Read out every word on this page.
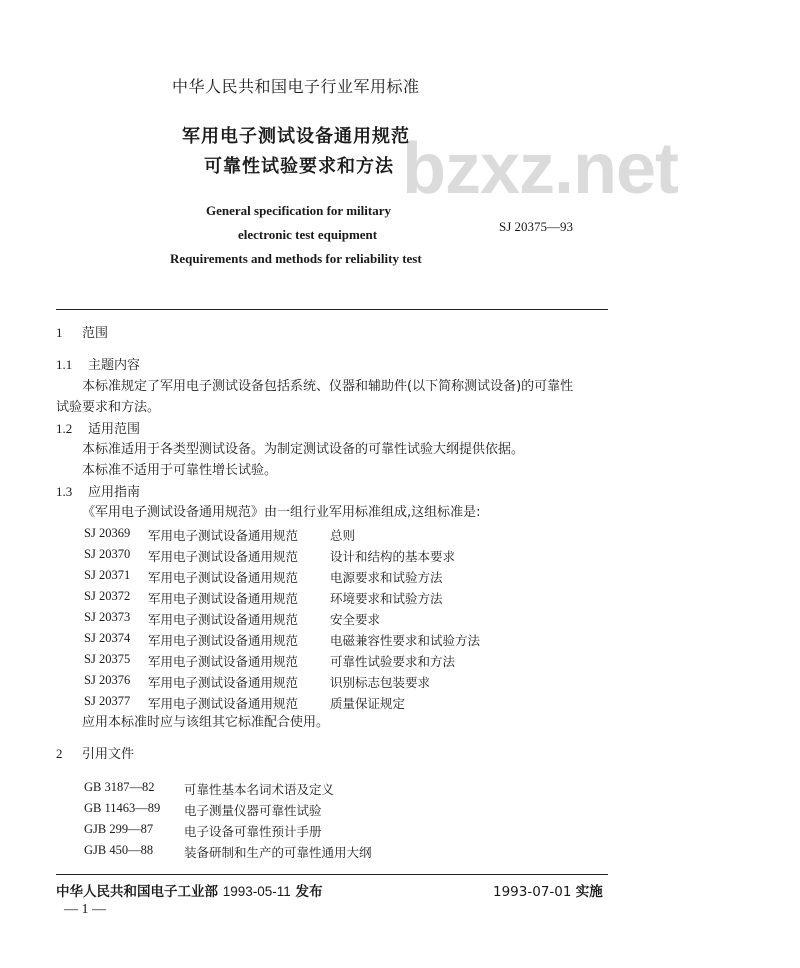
中华人民共和国电子行业军用标准
bzxz.net
军用电子测试设备通用规范
可靠性试验要求和方法
General specification for military
electronic test equipment
Requirements and methods for reliability test
SJ 20375—93
1 范围
1.1 主题内容
本标准规定了军用电子测试设备包括系统、仪器和辅助件(以下简称测试设备)的可靠性
试验要求和方法。
1.2 适用范围
本标准适用于各类型测试设备。为制定测试设备的可靠性试验大纲提供依据。
本标准不适用于可靠性增长试验。
1.3 应用指南
《军用电子测试设备通用规范》由一组行业军用标准组成,这组标准是:
SJ 20369 军用电子测试设备通用规范	总则
SJ 20370 军用电子测试设备通用规范	设计和结构的基本要求
SJ 20371 军用电子测试设备通用规范	电源要求和试验方法
SJ 20372 军用电子测试设备通用规范	环境要求和试验方法
SJ 20373 军用电子测试设备通用规范	安全要求
SJ 20374 军用电子测试设备通用规范	电磁兼容性要求和试验方法
SJ 20375 军用电子测试设备通用规范	可靠性试验要求和方法
SJ 20376 军用电子测试设备通用规范	识别标志包装要求
SJ 20377 军用电子测试设备通用规范	质量保证规定
应用本标准时应与该组其它标准配合使用。
2 引用文件
GB 3187—82 可靠性基本名词术语及定义
GB 11463—89 电子测量仪器可靠性试验
GJB 299—87 电子设备可靠性预计手册
GJB 450—88 装备研制和生产的可靠性通用大纲
中华人民共和国电子工业部 1993-05-11 发布	1993-07-01 实施
— 1 —
